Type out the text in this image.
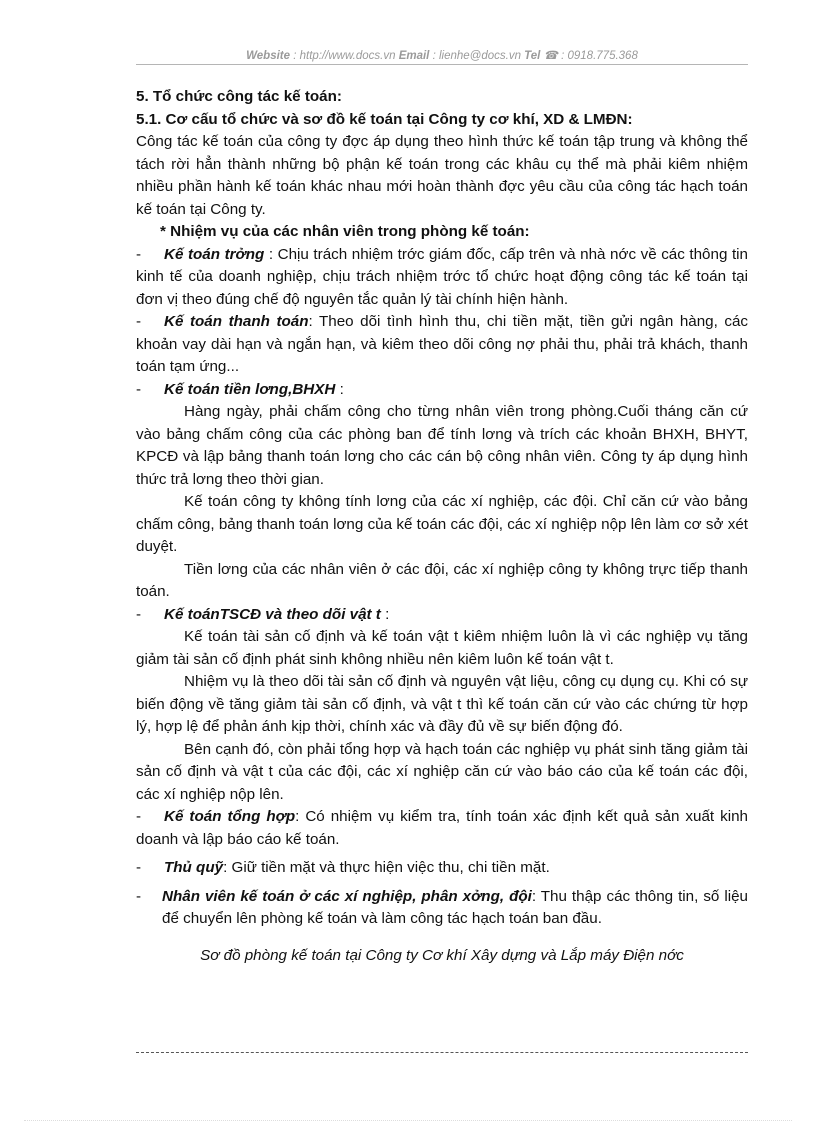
Website : http://www.docs.vn Email : lienhe@docs.vn Tel ☎ : 0918.775.368

5. Tổ chức công tác kế toán:

5.1. Cơ cấu tổ chức và sơ đồ kế toán tại Công ty cơ khí, XD & LMĐN:

Công tác kế toán của công ty đợc áp dụng theo hình thức kế toán tập trung và không thể tách rời hẳn thành những bộ phận kế toán trong các khâu cụ thể mà phải kiêm nhiệm nhiều phần hành kế toán khác nhau mới hoàn thành đợc yêu cầu của công tác hạch toán kế toán tại Công ty.

* Nhiệm vụ của các nhân viên trong phòng kế toán:

- Kế toán trởng : Chịu trách nhiệm trớc giám đốc, cấp trên và nhà nớc về các thông tin kinh tế của doanh nghiệp, chịu trách nhiệm trớc tổ chức hoạt động công tác kế toán tại đơn vị theo đúng chế độ nguyên tắc quản lý tài chính hiện hành.

- Kế toán thanh toán: Theo dõi tình hình thu, chi tiền mặt, tiền gửi ngân hàng, các khoản vay dài hạn và ngắn hạn, và kiêm theo dõi công nợ phải thu, phải trả khách, thanh toán tạm ứng...

- Kế toán tiền lơng,BHXH :

Hàng ngày, phải chấm công cho từng nhân viên trong phòng.Cuối tháng căn cứ vào bảng chấm công của các phòng ban để tính lơng và trích các khoản BHXH, BHYT, KPCĐ và lập bảng thanh toán lơng cho các cán bộ công nhân viên. Công ty áp dụng hình thức trả lơng theo thời gian.

Kế toán công ty không tính lơng của các xí nghiệp, các đội. Chỉ căn cứ vào bảng chấm công, bảng thanh toán lơng của kế toán các đội, các xí nghiệp nộp lên làm cơ sở xét duyệt.

Tiền lơng của các nhân viên ở các đội, các xí nghiệp công ty không trực tiếp thanh toán.

- Kế toánTSCĐ và theo dõi vật t :

Kế toán tài sản cố định và kế toán vật t kiêm nhiệm luôn là vì các nghiệp vụ tăng giảm tài sản cố định phát sinh không nhiều nên kiêm luôn kế toán vật t.

Nhiệm vụ là theo dõi tài sản cố định và nguyên vật liệu, công cụ dụng cụ. Khi có sự biến động về tăng giảm tài sản cố định, và vật t thì kế toán căn cứ vào các chứng từ hợp lý, hợp lệ để phản ánh kịp thời, chính xác và đầy đủ về sự biến động đó.

Bên cạnh đó, còn phải tổng hợp và hạch toán các nghiệp vụ phát sinh tăng giảm tài sản cố định và vật t của các đội, các xí nghiệp căn cứ vào báo cáo của kế toán các đội, các xí nghiệp nộp lên.

- Kế toán tổng hợp: Có nhiệm vụ kiểm tra, tính toán xác định kết quả sản xuất kinh doanh và lập báo cáo kế toán.

- Thủ quỹ: Giữ tiền mặt và thực hiện việc thu, chi tiền mặt.

- Nhân viên kế toán ở các xí nghiệp, phân xởng, đội: Thu thập các thông tin, số liệu để chuyển lên phòng kế toán và làm công tác hạch toán ban đầu.

Sơ đồ phòng kế toán tại Công ty Cơ khí Xây dựng và Lắp máy Điện nớc
